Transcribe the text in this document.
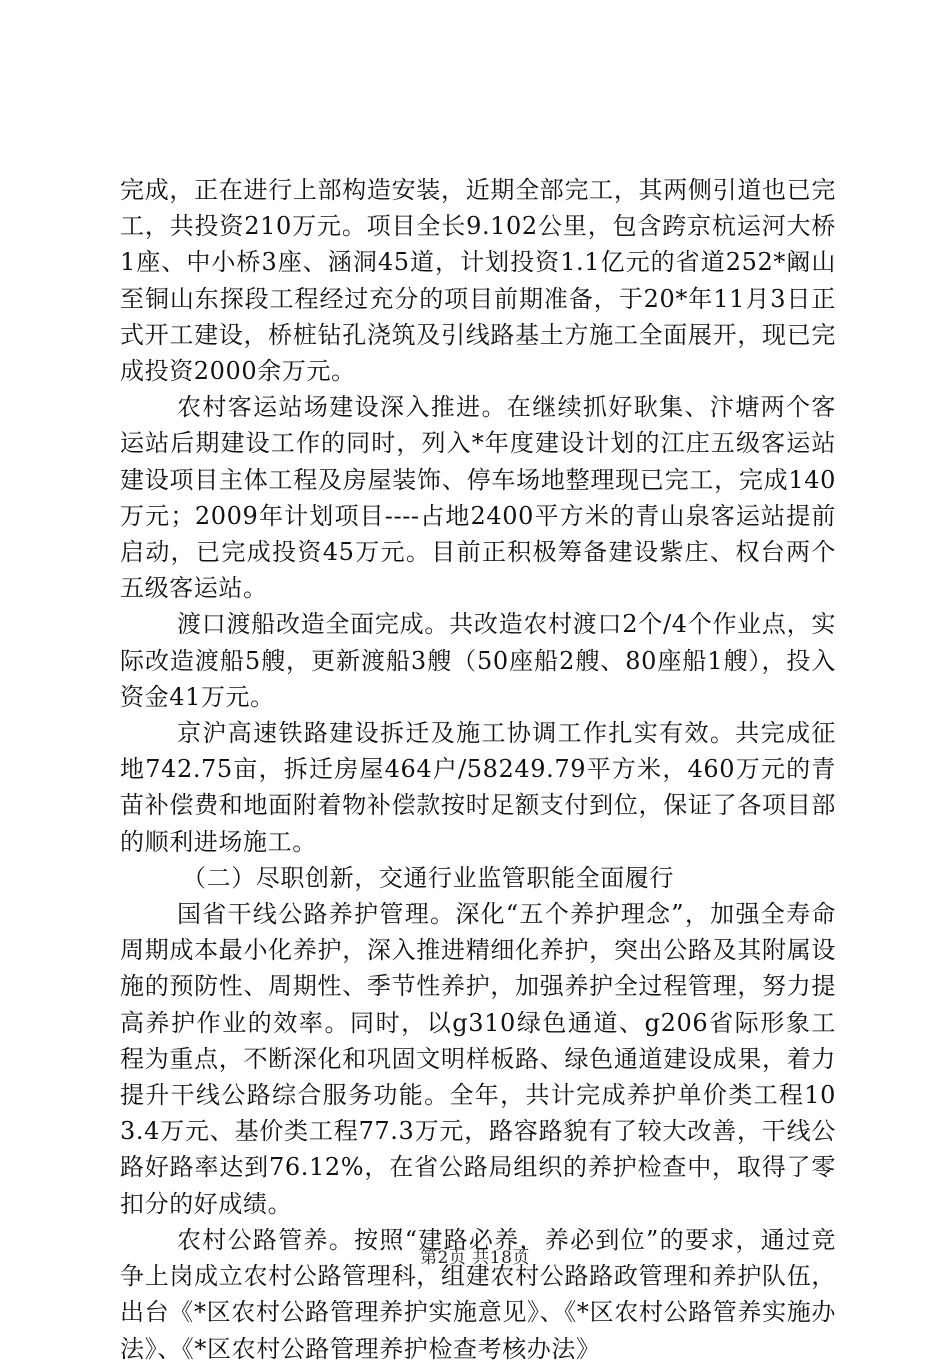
完成，正在进行上部构造安装，近期全部完工，其两侧引道也已完工，共投资210万元。项目全长9.102公里，包含跨京杭运河大桥1座、中小桥3座、涵洞45道，计划投资1.1亿元的省道252*阚山至铜山东探段工程经过充分的项目前期准备，于20*年11月3日正式开工建设，桥桩钻孔浇筑及引线路基土方施工全面展开，现已完成投资2000余万元。

农村客运站场建设深入推进。在继续抓好耿集、汴塘两个客运站后期建设工作的同时，列入*年度建设计划的江庄五级客运站建设项目主体工程及房屋装饰、停车场地整理现已完工，完成140万元；2009年计划项目----占地2400平方米的青山泉客运站提前启动，已完成投资45万元。目前正积极筹备建设紫庄、权台两个五级客运站。

渡口渡船改造全面完成。共改造农村渡口2个/4个作业点，实际改造渡船5艘，更新渡船3艘（50座船2艘、80座船1艘），投入资金41万元。

京沪高速铁路建设拆迁及施工协调工作扎实有效。共完成征地742.75亩，拆迁房屋464户/58249.79平方米，460万元的青苗补偿费和地面附着物补偿款按时足额支付到位，保证了各项目部的顺利进场施工。

（二）尽职创新，交通行业监管职能全面履行

国省干线公路养护管理。深化“五个养护理念”，加强全寿命周期成本最小化养护，深入推进精细化养护，突出公路及其附属设施的预防性、周期性、季节性养护，加强养护全过程管理，努力提高养护作业的效率。同时，以g310绿色通道、g206省际形象工程为重点，不断深化和巩固文明样板路、绿色通道建设成果，着力提升干线公路综合服务功能。全年，共计完成养护单价类工程103.4万元、基价类工程77.3万元，路容路貌有了较大改善，干线公路好路率达到76.12%，在省公路局组织的养护检查中，取得了零扣分的好成绩。

农村公路管养。按照“建路必养，养必到位”的要求，通过竞争上岗成立农村公路管理科，组建农村公路路政管理和养护队伍，出台《*区农村公路管理养护实施意见》、《*区农村公路管养实施办法》、《*区农村公路管理养护检查考核办法》

第2页 共18页
